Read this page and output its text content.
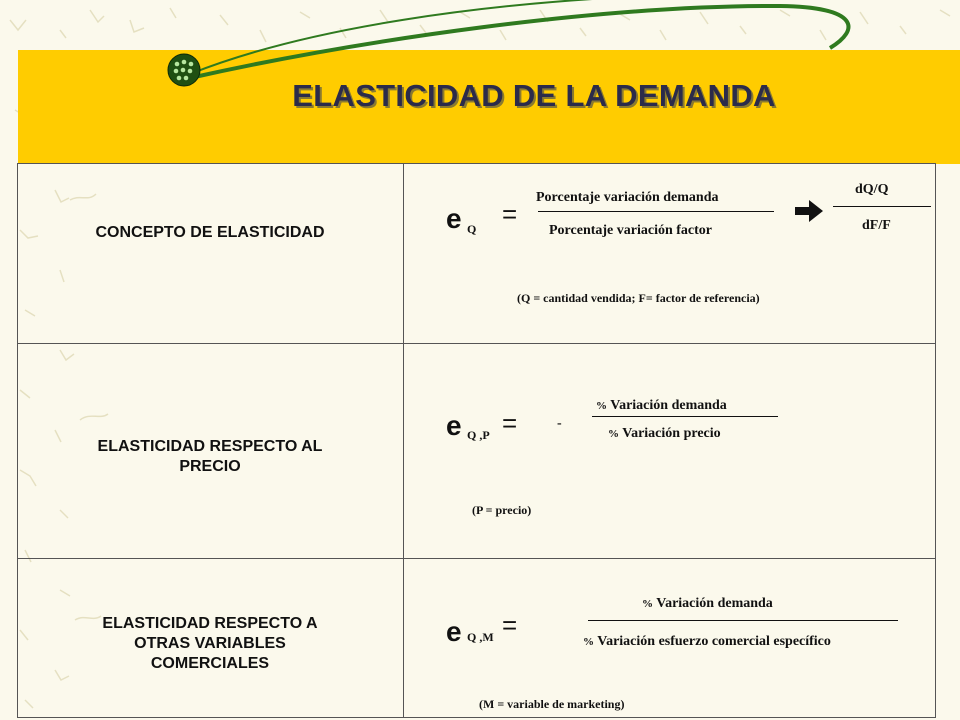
ELASTICIDAD DE LA DEMANDA
CONCEPTO DE ELASTICIDAD	e Q =
Porcentaje variación demanda
Porcentaje variación factor
dQ/Q
dF/F
(Q = cantidad vendida; F= factor de referencia)
ELASTICIDAD RESPECTO AL
PRECIO
e Q ,P =	-
% Variación demanda
% Variación precio
(P = precio)
ELASTICIDAD RESPECTO A
OTRAS VARIABLES
COMERCIALES
e Q ,M =
% Variación demanda
% Variación esfuerzo comercial específico
(M = variable de marketing)
